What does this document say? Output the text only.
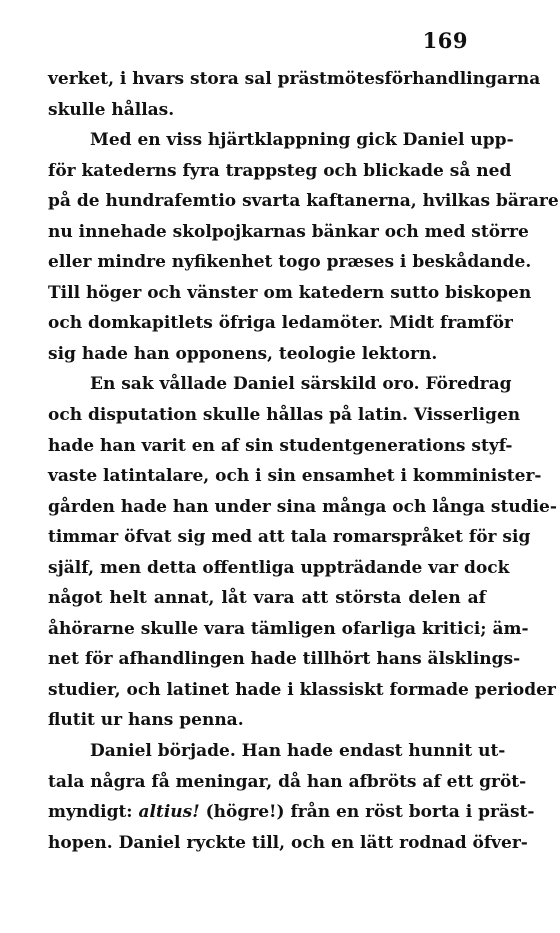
169
verket, i hvars stora sal prästmötesförhandlingarna
skulle hållas.
Med en viss hjärtklappning gick Daniel upp-
för katederns fyra trappsteg och blickade så ned
på de hundrafemtio svarta kaftanerna, hvilkas bärare
nu innehade skolpojkarnas bänkar och med större
eller mindre nyfikenhet togo præses i beskådande.
Till höger och vänster om katedern sutto biskopen
och domkapitlets öfriga ledamöter. Midt framför
sig hade han opponens, teologie lektorn.
En sak vållade Daniel särskild oro. Föredrag
och disputation skulle hållas på latin. Visserligen
hade han varit en af sin studentgenerations styf-
vaste latintalare, och i sin ensamhet i komminister-
gården hade han under sina många och långa studie-
timmar öfvat sig med att tala romarspråket för sig
själf, men detta offentliga uppträdande var dock
något helt annat, låt vara att största delen af
åhörarne skulle vara tämligen ofarliga kritici; äm-
net för afhandlingen hade tillhört hans älsklings-
studier, och latinet hade i klassiskt formade perioder
flutit ur hans penna.
Daniel började. Han hade endast hunnit ut-
tala några få meningar, då han afbröts af ett gröt-
myndigt: altius! (högre!) från en röst borta i präst-
hopen. Daniel ryckte till, och en lätt rodnad öfver-
